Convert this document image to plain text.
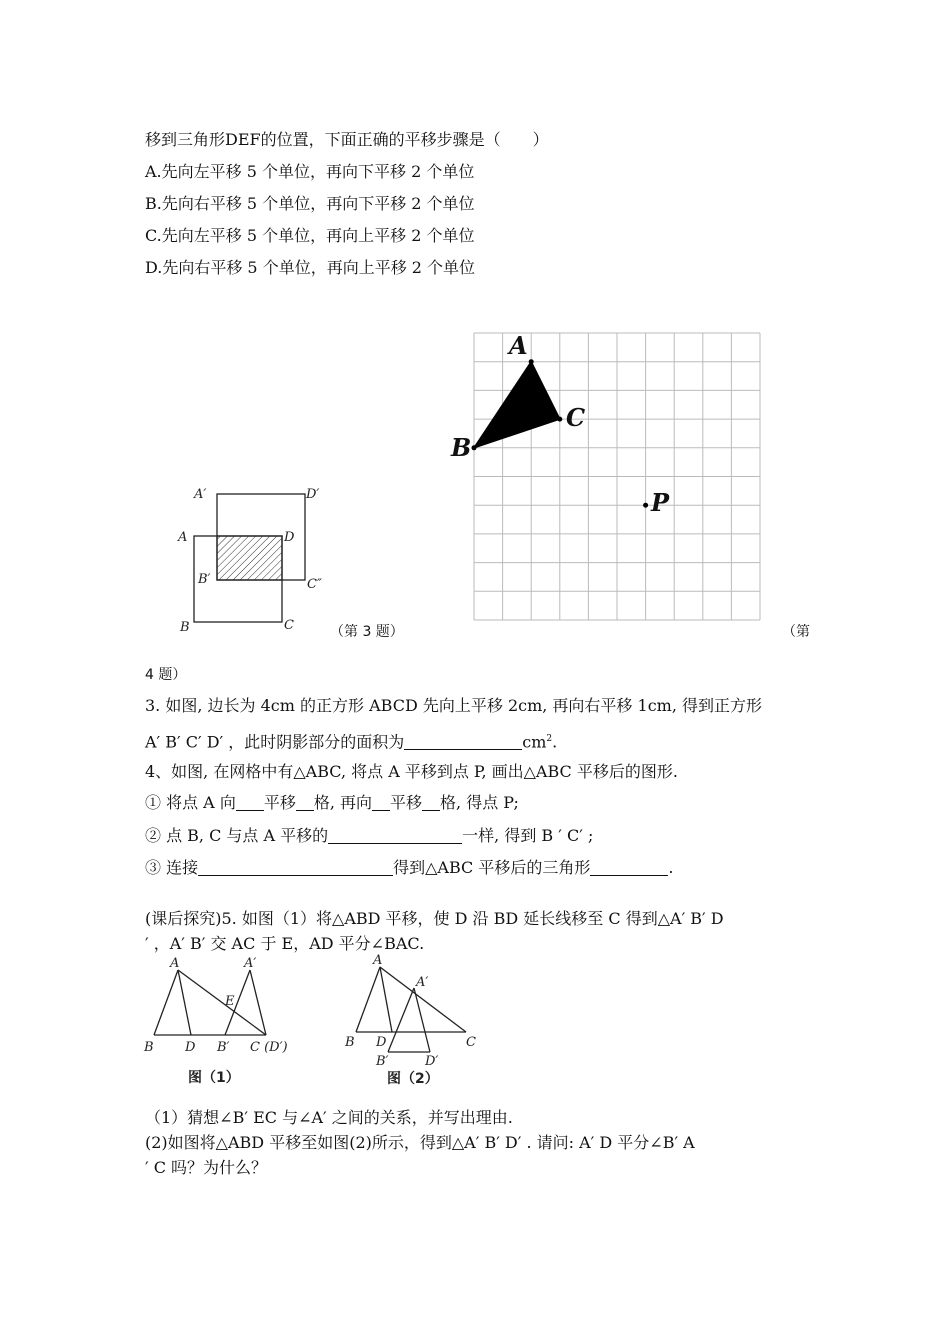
移到三角形DEF的位置，下面正确的平移步骤是（　　）
A.先向左平移 5 个单位，再向下平移 2 个单位
B.先向右平移 5 个单位，再向下平移 2 个单位
C.先向左平移 5 个单位，再向上平移 2 个单位
D.先向右平移 5 个单位，再向上平移 2 个单位
A′	D′
A	D
B′	C″
B	C	（第 3 题）
A
B
C
P
（第
4 题）
3. 如图, 边长为 4cm 的正方形 ABCD 先向上平移 2cm, 再向右平移 1cm, 得到正方形
A′ B′ C′ D′ ，此时阴影部分的面积为	$cm^2$.
4、如图, 在网格中有△ABC, 将点 A 平移到点 P, 画出△ABC 平移后的图形.
① 将点 A 向 平移 格, 再向 平移 格, 得点 P;
② 点 B, C 与点 A 平移的	一样, 得到 B ′ C′ ;
③ 连接	得到△ABC 平移后的三角形	.
(课后探究)5. 如图（1）将△ABD 平移，使 D 沿 BD 延长线移至 C 得到△A′ B′ D
′ ，A′ B′ 交 AC 于 E，AD 平分∠BAC.
A	A′
E
B D B′ C (D′)
图（1）
A
A′
B D	C
B′	D′
图（2）
（1）猜想∠B′ EC 与∠A′ 之间的关系，并写出理由.
(2)如图将△ABD 平移至如图(2)所示，得到△A′ B′ D′ . 请问: A′ D 平分∠B′ A
′ C 吗？为什么？
